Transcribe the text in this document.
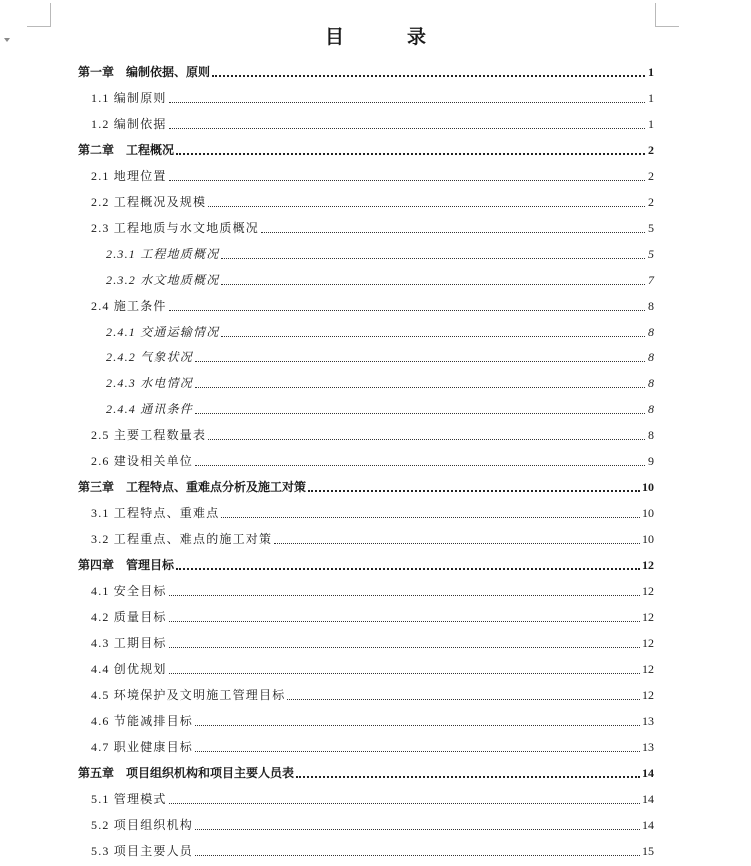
目　录
第一章　编制依据、原则	1
1.1 编制原则	1
1.2 编制依据	1
第二章　工程概况	2
2.1 地理位置	2
2.2 工程概况及规模	2
2.3 工程地质与水文地质概况	5
2.3.1 工程地质概况	5
2.3.2 水文地质概况	7
2.4 施工条件	8
2.4.1 交通运输情况	8
2.4.2 气象状况	8
2.4.3 水电情况	8
2.4.4 通讯条件	8
2.5 主要工程数量表	8
2.6 建设相关单位	9
第三章　工程特点、重难点分析及施工对策	10
3.1 工程特点、重难点	10
3.2 工程重点、难点的施工对策	10
第四章　管理目标	12
4.1 安全目标	12
4.2 质量目标	12
4.3 工期目标	12
4.4 创优规划	12
4.5 环境保护及文明施工管理目标	12
4.6 节能减排目标	13
4.7 职业健康目标	13
第五章　项目组织机构和项目主要人员表	14
5.1 管理模式	14
5.2 项目组织机构	14
5.3 项目主要人员	15
